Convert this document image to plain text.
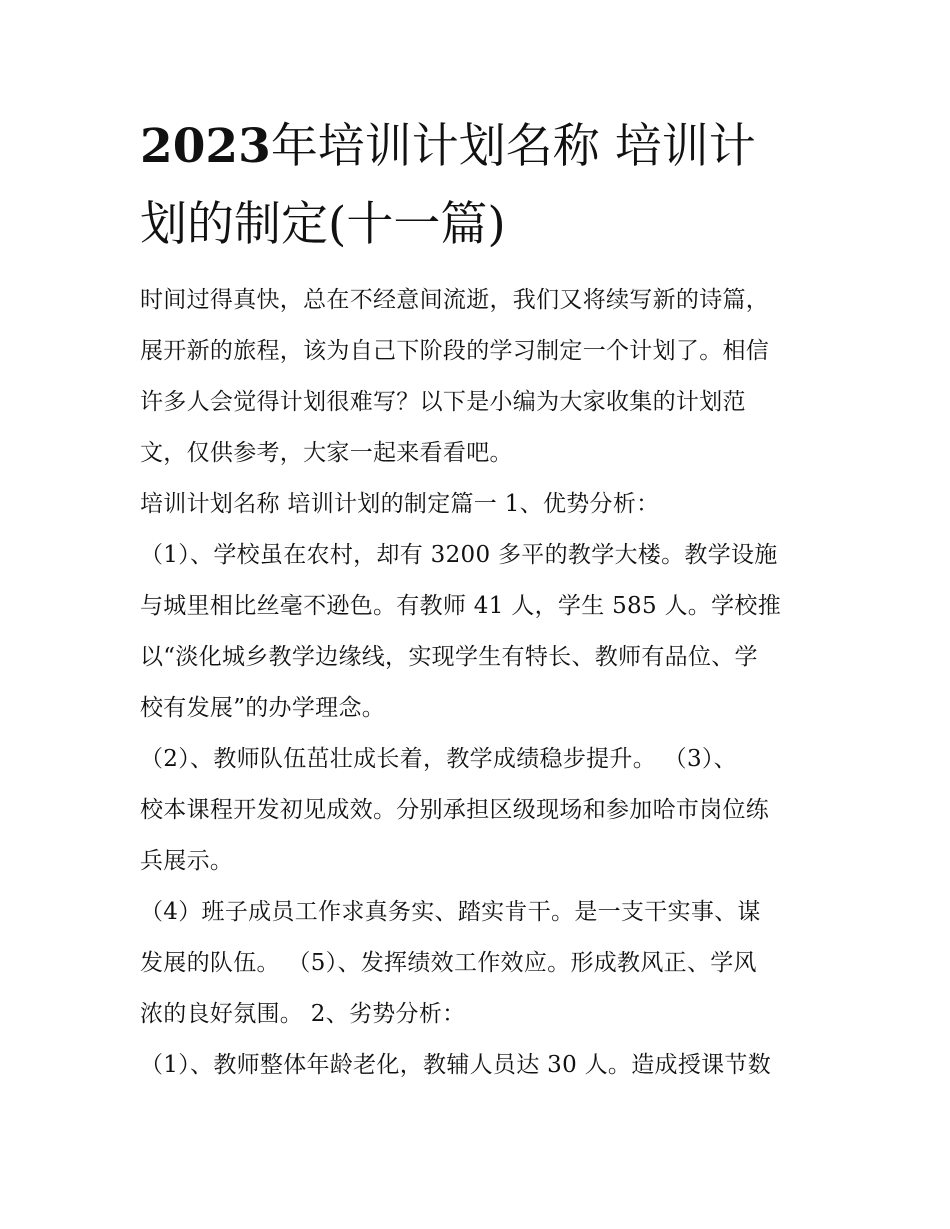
2023年培训计划名称 培训计
划的制定(十一篇)

时间过得真快，总在不经意间流逝，我们又将续写新的诗篇，
展开新的旅程，该为自己下阶段的学习制定一个计划了。相信
许多人会觉得计划很难写？以下是小编为大家收集的计划范
文，仅供参考，大家一起来看看吧。

培训计划名称 培训计划的制定篇一 1、优势分析：

（1）、学校虽在农村，却有 3200 多平的教学大楼。教学设施
与城里相比丝毫不逊色。有教师 41 人，学生 585 人。学校推
以“淡化城乡教学边缘线，实现学生有特长、教师有品位、学
校有发展”的办学理念。

（2）、教师队伍茁壮成长着，教学成绩稳步提升。 （3）、
校本课程开发初见成效。分别承担区级现场和参加哈市岗位练
兵展示。

（4）班子成员工作求真务实、踏实肯干。是一支干实事、谋
发展的队伍。 （5）、发挥绩效工作效应。形成教风正、学风
浓的良好氛围。 2、劣势分析：

（1）、教师整体年龄老化，教辅人员达 30 人。造成授课节数
